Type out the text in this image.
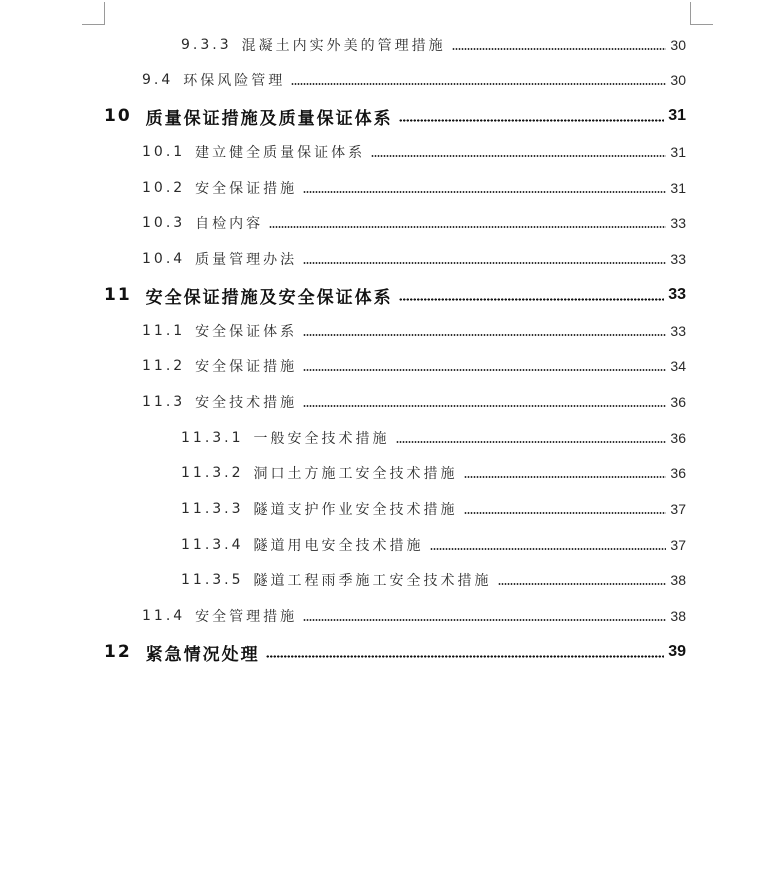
9.3.3 混凝土内实外美的管理措施	30
9.4 环保风险管理	30
10 质量保证措施及质量保证体系	31
10.1 建立健全质量保证体系	31
10.2 安全保证措施	31
10.3 自检内容	33
10.4 质量管理办法	33
11 安全保证措施及安全保证体系	33
11.1 安全保证体系	33
11.2 安全保证措施	34
11.3 安全技术措施	36
11.3.1 一般安全技术措施	36
11.3.2 洞口土方施工安全技术措施	36
11.3.3 隧道支护作业安全技术措施	37
11.3.4 隧道用电安全技术措施	37
11.3.5 隧道工程雨季施工安全技术措施	38
11.4 安全管理措施	38
12 紧急情况处理	39
